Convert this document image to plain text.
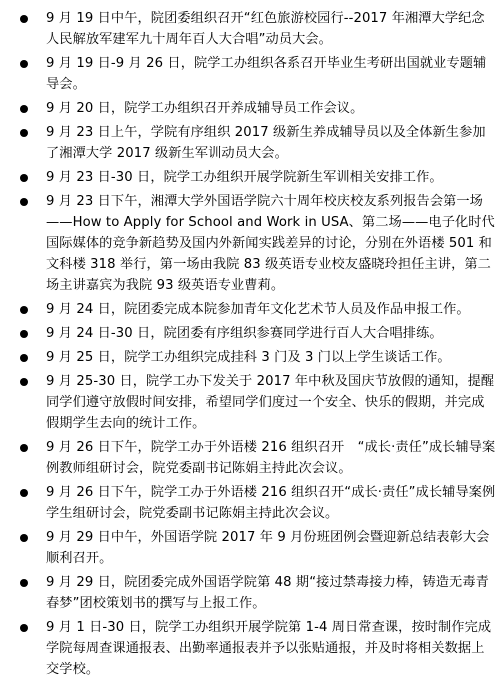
9 月 19 日中午，院团委组织召开“红色旅游校园行--2017 年湘潭大学纪念人民解放军建军九十周年百人大合唱”动员大会。
9 月 19 日-9 月 26 日，院学工办组织各系召开毕业生考研出国就业专题辅导会。
9 月 20 日，院学工办组织召开养成辅导员工作会议。
9 月 23 日上午，学院有序组织 2017 级新生养成辅导员以及全体新生参加了湘潭大学 2017 级新生军训动员大会。
9 月 23 日-30 日，院学工办组织开展学院新生军训相关安排工作。
9 月 23 日下午，湘潭大学外国语学院六十周年校庆校友系列报告会第一场——How to Apply for School and Work in USA、第二场——电子化时代国际媒体的竞争新趋势及国内外新闻实践差异的讨论，分别在外语楼 501 和文科楼 318 举行，第一场由我院 83 级英语专业校友盛晓玲担任主讲，第二场主讲嘉宾为我院 93 级英语专业曹莉。
9 月 24 日，院团委完成本院参加青年文化艺术节人员及作品申报工作。
9 月 24 日-30 日，院团委有序组织参赛同学进行百人大合唱排练。
9 月 25 日，院学工办组织完成挂科 3 门及 3 门以上学生谈话工作。
9 月 25-30 日，院学工办下发关于 2017 年中秋及国庆节放假的通知，提醒同学们遵守放假时间安排，希望同学们度过一个安全、快乐的假期，并完成假期学生去向的统计工作。
9 月 26 日下午，院学工办于外语楼 216 组织召开　“成长·责任”成长辅导案例教师组研讨会，院党委副书记陈娟主持此次会议。
9 月 26 日下午，院学工办于外语楼 216 组织召开“成长·责任”成长辅导案例学生组研讨会，院党委副书记陈娟主持此次会议。
9 月 29 日中午，外国语学院 2017 年 9 月份班团例会暨迎新总结表彰大会顺利召开。
9 月 29 日，院团委完成外国语学院第 48 期“接过禁毒接力棒，铸造无毒青春梦”团校策划书的撰写与上报工作。
9 月 1 日-30 日，院学工办组织开展学院第 1-4 周日常查课，按时制作完成学院每周查课通报表、出勤率通报表并予以张贴通报，并及时将相关数据上交学校。
